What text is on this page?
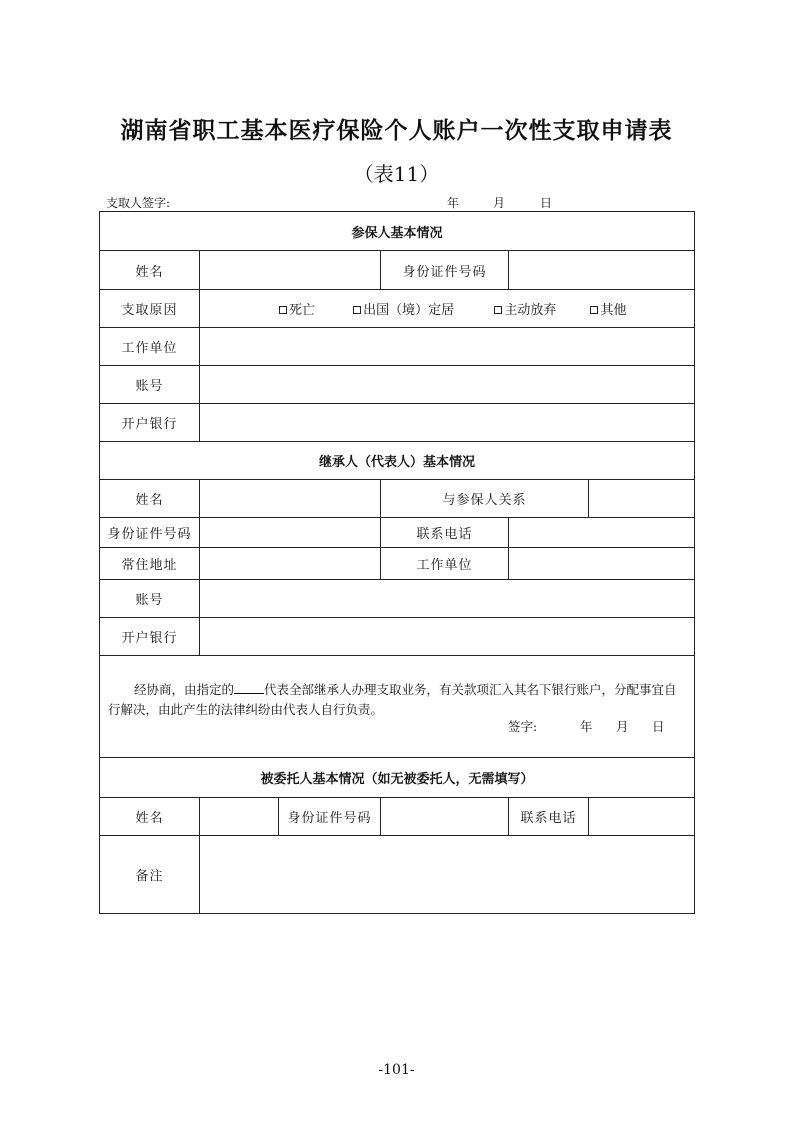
湖南省职工基本医疗保险个人账户一次性支取申请表
（表11）
支取人签字:	年	月	日
参保人基本情况					
姓名			身份证件号码		
支取原因	死亡 出国（境）定居 主动放弃 其他				
工作单位					
账号					
开户银行					
继承人（代表人）基本情况					
姓名			与参保人关系		
身份证件号码			联系电话		
常住地址			工作单位		
账号					
开户银行					

经协商，由指定的 代表全部继承人办理支取业务，有关款项汇入其名下银行账户，分配事宜自行解决，由此产生的法律纠纷由代表人自行负责。
签字: 年 月 日					

被委托人基本情况（如无被委托人，无需填写）					
姓名		身份证件号码		联系电话	
备注					
-101-
